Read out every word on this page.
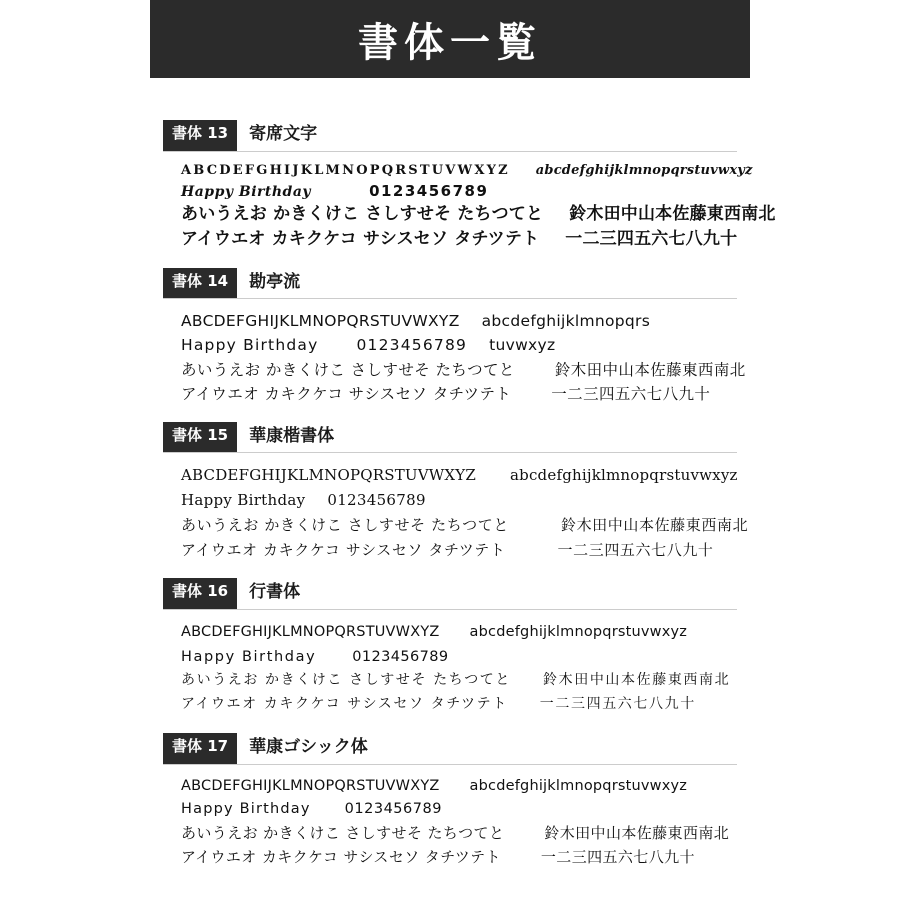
書体一覧
書体 13	寄席文字
ABCDEFGHIJKLMNOPQRSTUVWXYZ abcdefghijklmnopqrstuvwxyz
Happy Birthday	0123456789
あいうえお かきくけこ さしすせそ たちつてと 鈴木田中山本佐藤東西南北
アイウエオ カキクケコ サシスセソ タチツテト 一二三四五六七八九十
書体 14	勘亭流
ABCDEFGHIJKLMNOPQRSTUVWXYZ abcdefghijklmnopqrs
Happy Birthday 0123456789 tuvwxyz
あいうえお かきくけこ さしすせそ たちつてと	鈴木田中山本佐藤東西南北
アイウエオ カキクケコ サシスセソ タチツテト	一二三四五六七八九十
書体 15	華康楷書体
ABCDEFGHIJKLMNOPQRSTUVWXYZ abcdefghijklmnopqrstuvwxyz
Happy Birthday 0123456789
あいうえお かきくけこ さしすせそ たちつてと	鈴木田中山本佐藤東西南北
アイウエオ カキクケコ サシスセソ タチツテト	一二三四五六七八九十
書体 16	行書体
ABCDEFGHIJKLMNOPQRSTUVWXYZ abcdefghijklmnopqrstuvwxyz
Happy Birthday 0123456789
あいうえお かきくけこ さしすせそ たちつてと 鈴木田中山本佐藤東西南北
アイウエオ カキクケコ サシスセソ タチツテト 一二三四五六七八九十
書体 17	華康ゴシック体
ABCDEFGHIJKLMNOPQRSTUVWXYZ abcdefghijklmnopqrstuvwxyz
Happy Birthday 0123456789
あいうえお かきくけこ さしすせそ たちつてと	鈴木田中山本佐藤東西南北
アイウエオ カキクケコ サシスセソ タチツテト	一二三四五六七八九十
